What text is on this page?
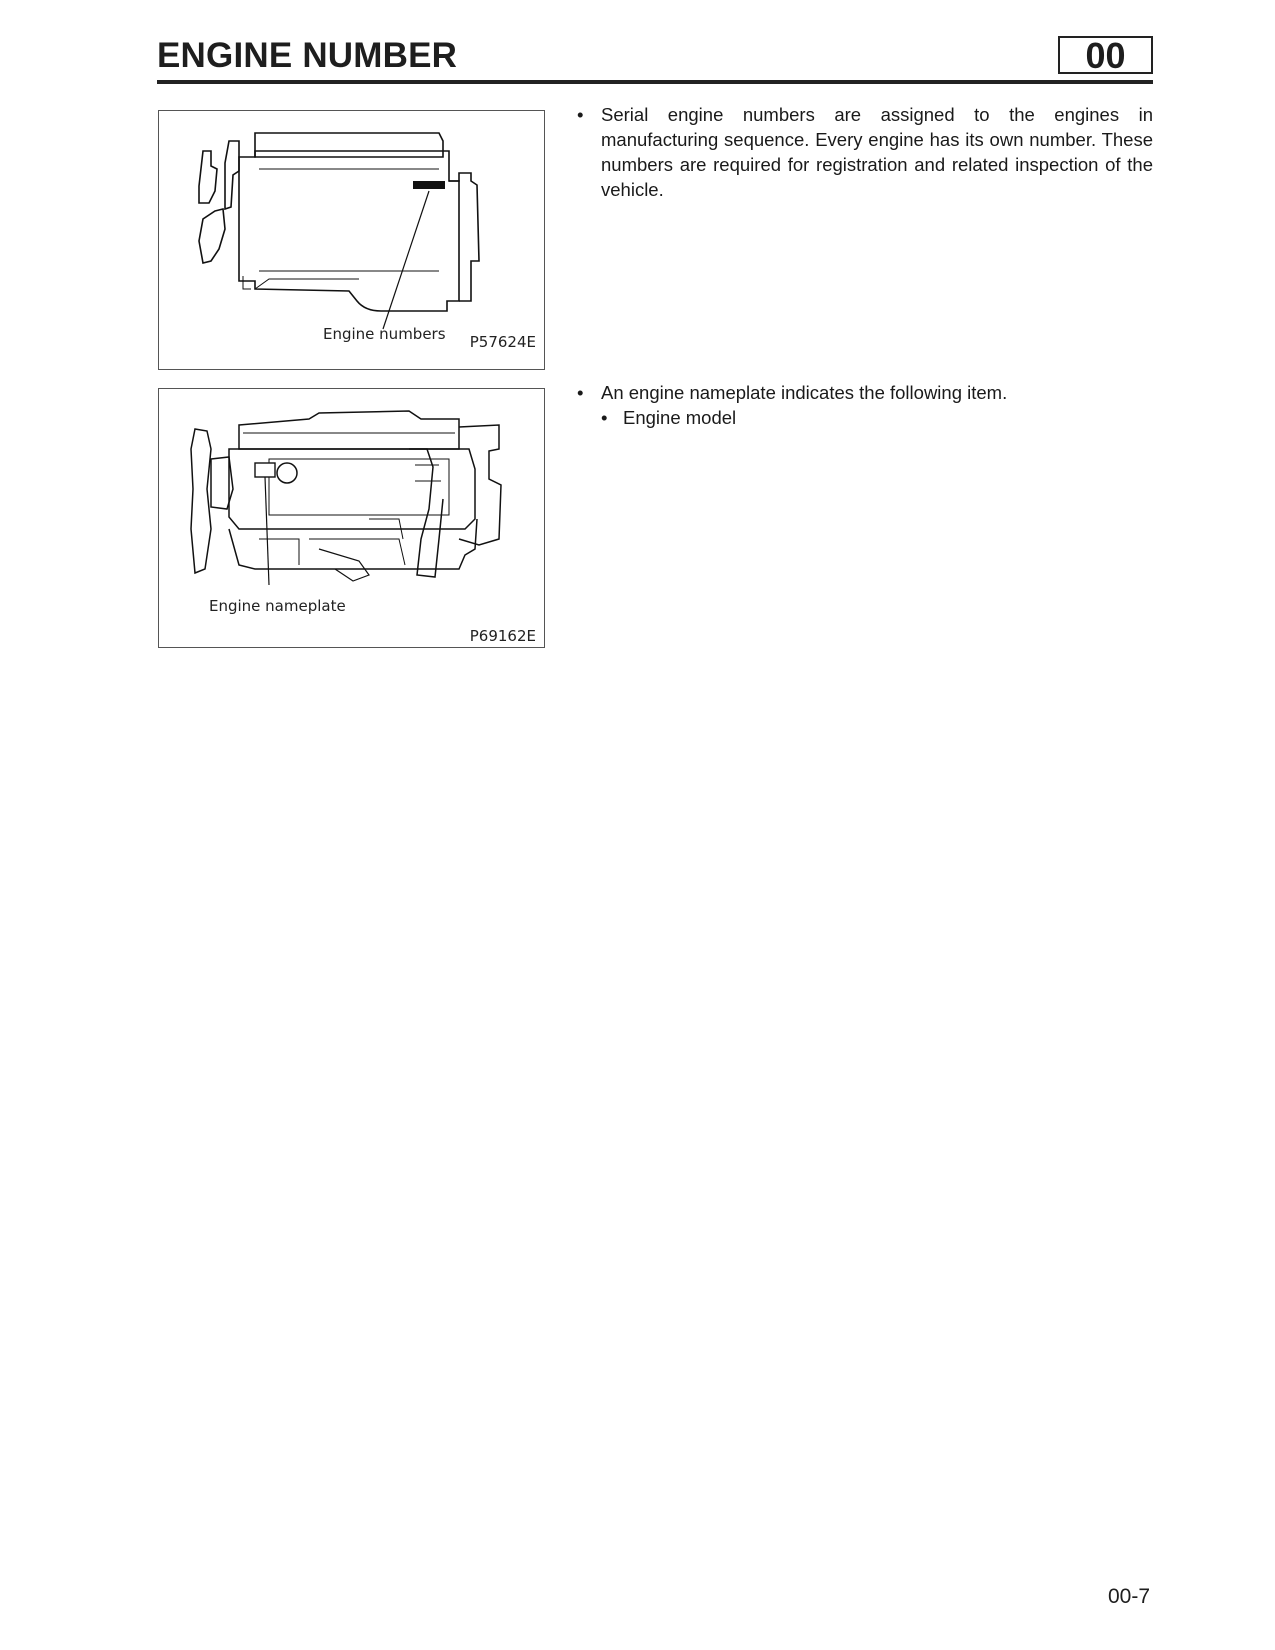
ENGINE NUMBER	00
Engine numbers P57624E
Engine nameplate
P69162E

• Serial engine numbers are assigned to the engines in manufacturing sequence. Every engine has its own number. These numbers are required for registration and related inspection of the vehicle.

• An engine nameplate indicates the following item.

• Engine model

00-7
